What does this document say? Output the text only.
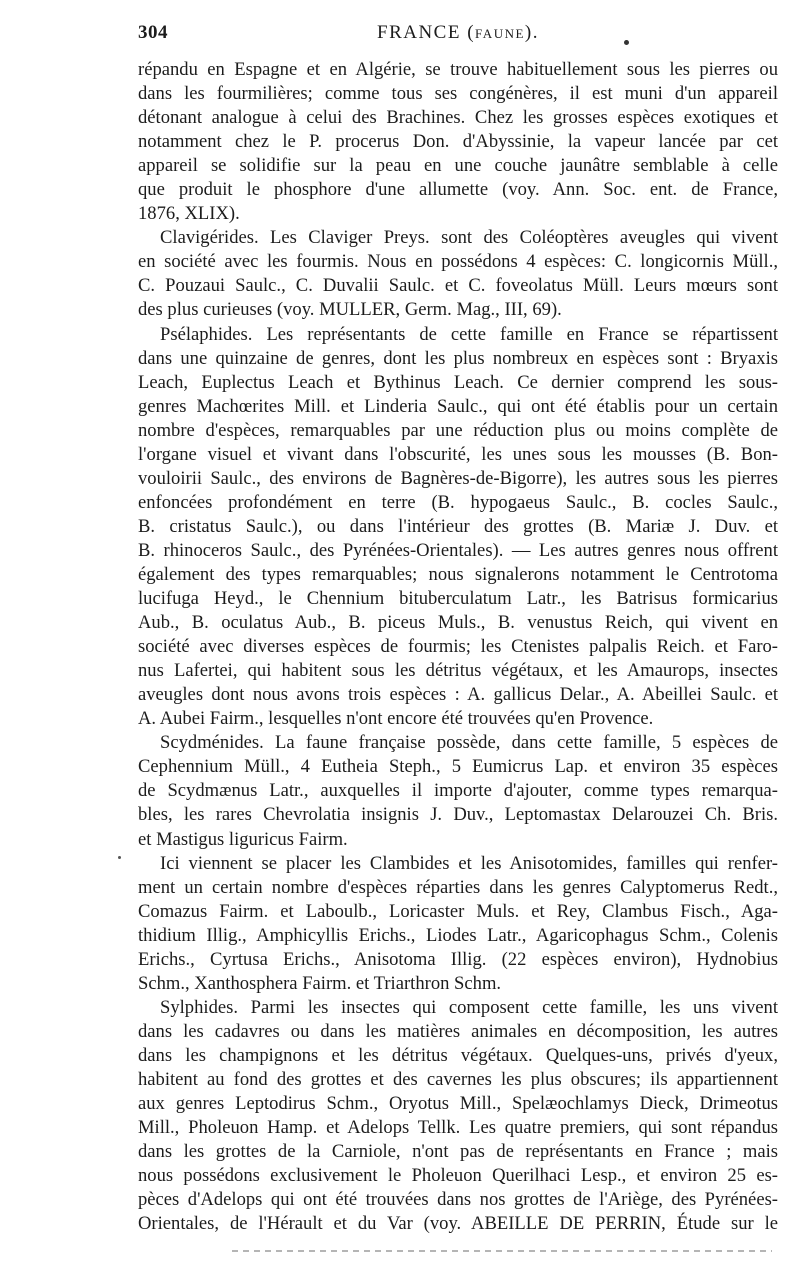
304	FRANCE (FAUNE).
répandu en Espagne et en Algérie, se trouve habituellement sous les pierres ou
dans les fourmilières; comme tous ses congénères, il est muni d'un appareil
détonant analogue à celui des Brachines. Chez les grosses espèces exotiques et
notamment chez le P. procerus Don. d'Abyssinie, la vapeur lancée par cet
appareil se solidifie sur la peau en une couche jaunâtre semblable à celle
que produit le phosphore d'une allumette (voy. Ann. Soc. ent. de France,
1876, XLIX).
Clavigérides. Les Claviger Preys. sont des Coléoptères aveugles qui vivent
en société avec les fourmis. Nous en possédons 4 espèces: C. longicornis Müll.,
C. Pouzaui Saulc., C. Duvalii Saulc. et C. foveolatus Müll. Leurs mœurs sont
des plus curieuses (voy. MULLER, Germ. Mag., III, 69).
Psélaphides. Les représentants de cette famille en France se répartissent
dans une quinzaine de genres, dont les plus nombreux en espèces sont : Bryaxis
Leach, Euplectus Leach et Bythinus Leach. Ce dernier comprend les sous-
genres Machœrites Mill. et Linderia Saulc., qui ont été établis pour un certain
nombre d'espèces, remarquables par une réduction plus ou moins complète de
l'organe visuel et vivant dans l'obscurité, les unes sous les mousses (B. Bon-
vouloirii Saulc., des environs de Bagnères-de-Bigorre), les autres sous les pierres
enfoncées profondément en terre (B. hypogaeus Saulc., B. cocles Saulc.,
B. cristatus Saulc.), ou dans l'intérieur des grottes (B. Mariæ J. Duv. et
B. rhinoceros Saulc., des Pyrénées-Orientales). — Les autres genres nous offrent
également des types remarquables; nous signalerons notamment le Centrotoma
lucifuga Heyd., le Chennium bituberculatum Latr., les Batrisus formicarius
Aub., B. oculatus Aub., B. piceus Muls., B. venustus Reich, qui vivent en
société avec diverses espèces de fourmis; les Ctenistes palpalis Reich. et Faro-
nus Lafertei, qui habitent sous les détritus végétaux, et les Amaurops, insectes
aveugles dont nous avons trois espèces : A. gallicus Delar., A. Abeillei Saulc. et
A. Aubei Fairm., lesquelles n'ont encore été trouvées qu'en Provence.
Scydménides. La faune française possède, dans cette famille, 5 espèces de
Cephennium Müll., 4 Eutheia Steph., 5 Eumicrus Lap. et environ 35 espèces
de Scydmænus Latr., auxquelles il importe d'ajouter, comme types remarqua-
bles, les rares Chevrolatia insignis J. Duv., Leptomastax Delarouzei Ch. Bris.
et Mastigus liguricus Fairm.
Ici viennent se placer les Clambides et les Anisotomides, familles qui renfer-
ment un certain nombre d'espèces réparties dans les genres Calyptomerus Redt.,
Comazus Fairm. et Laboulb., Loricaster Muls. et Rey, Clambus Fisch., Aga-
thidium Illig., Amphicyllis Erichs., Liodes Latr., Agaricophagus Schm., Colenis
Erichs., Cyrtusa Erichs., Anisotoma Illig. (22 espèces environ), Hydnobius
Schm., Xanthosphera Fairm. et Triarthron Schm.
Sylphides. Parmi les insectes qui composent cette famille, les uns vivent
dans les cadavres ou dans les matières animales en décomposition, les autres
dans les champignons et les détritus végétaux. Quelques-uns, privés d'yeux,
habitent au fond des grottes et des cavernes les plus obscures; ils appartiennent
aux genres Leptodirus Schm., Oryotus Mill., Spelæochlamys Dieck, Drimeotus
Mill., Pholeuon Hamp. et Adelops Tellk. Les quatre premiers, qui sont répandus
dans les grottes de la Carniole, n'ont pas de représentants en France ; mais
nous possédons exclusivement le Pholeuon Querilhaci Lesp., et environ 25 es-
pèces d'Adelops qui ont été trouvées dans nos grottes de l'Ariège, des Pyrénées-
Orientales, de l'Hérault et du Var (voy. ABEILLE DE PERRIN, Étude sur le
